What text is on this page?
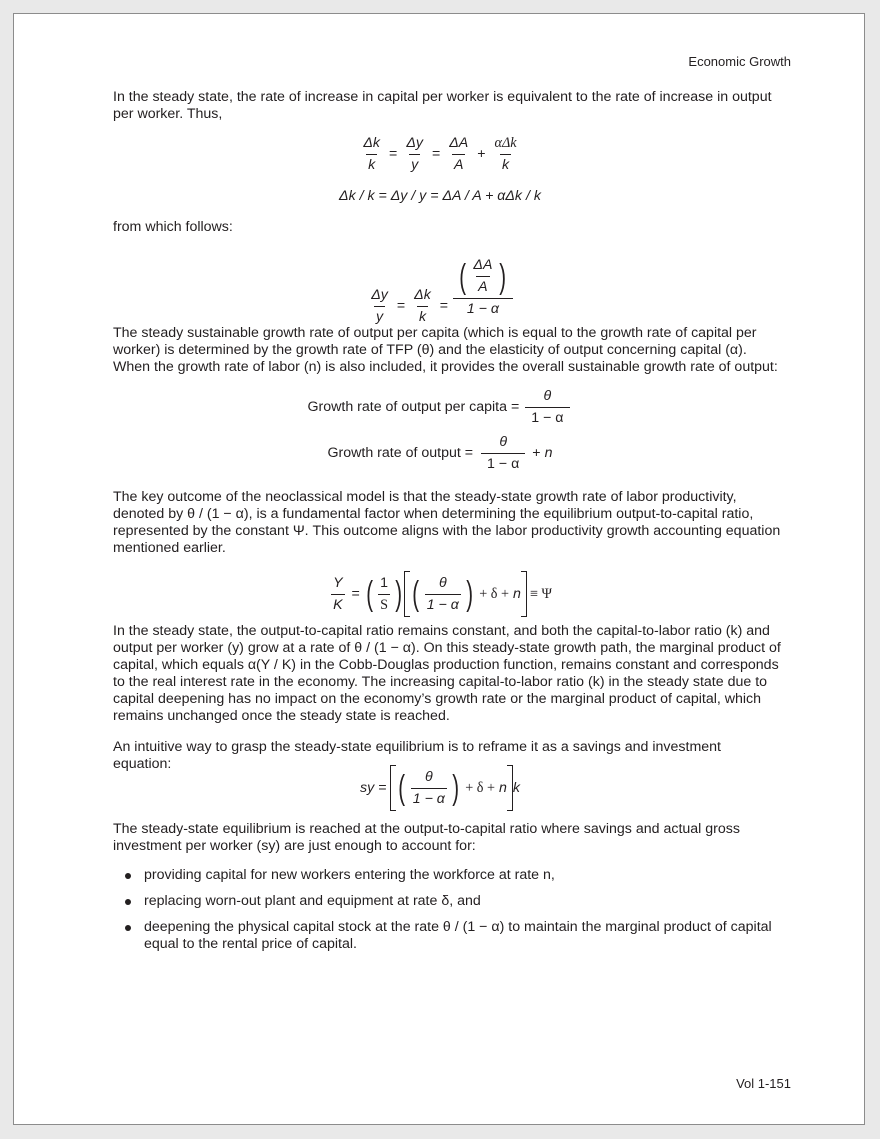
Economic Growth
In the steady state, the rate of increase in capital per worker is equivalent to the rate of increase in output per worker. Thus,
$\frac{\Delta k}{k} = \frac{\Delta y}{y} = \frac{\Delta A}{A} + \frac{\text{αΔk}}{k}$
Δk / k = Δy / y = ΔA / A + αΔk / k
from which follows:
$\frac{\Delta y}{y} = \frac{\Delta k}{k} = \frac{( \frac{\Delta A}{A} )}{1 - \alpha}$
The steady sustainable growth rate of output per capita (which is equal to the growth rate of capital per worker) is determined by the growth rate of TFP (θ) and the elasticity of output concerning capital (α). When the growth rate of labor (n) is also included, it provides the overall sustainable growth rate of output:
Growth rate of output per capita = $\frac{\theta}{1 - \alpha}$
Growth rate of output = $\frac{\theta}{1 - \alpha} + n$
The key outcome of the neoclassical model is that the steady-state growth rate of labor productivity, denoted by θ / (1 − α), is a fundamental factor when determining the equilibrium output-to-capital ratio, represented by the constant Ψ. This outcome aligns with the labor productivity growth accounting equation mentioned earlier.
$\frac{Y}{K}$ = ( $\frac{1}{S}$ ) ( $\frac{\theta}{1 - \alpha}$ ) + δ + n ≡ Ψ
In the steady state, the output-to-capital ratio remains constant, and both the capital-to-labor ratio (k) and output per worker (y) grow at a rate of θ / (1 − α). On this steady-state growth path, the marginal product of capital, which equals α(Y / K) in the Cobb-Douglas production function, remains constant and corresponds to the real interest rate in the economy. The increasing capital-to-labor ratio (k) in the steady state due to capital deepening has no impact on the economy’s growth rate or the marginal product of capital, which remains unchanged once the steady state is reached.
An intuitive way to grasp the steady-state equilibrium is to reframe it as a savings and investment equation:
sy = ( $\frac{\theta}{1 - \alpha}$ ) + δ + n k
The steady-state equilibrium is reached at the output-to-capital ratio where savings and actual gross investment per worker (sy) are just enough to account for:
providing capital for new workers entering the workforce at rate n,
replacing worn-out plant and equipment at rate δ, and
deepening the physical capital stock at the rate θ / (1 − α) to maintain the marginal product of capital equal to the rental price of capital.
Vol 1-151
